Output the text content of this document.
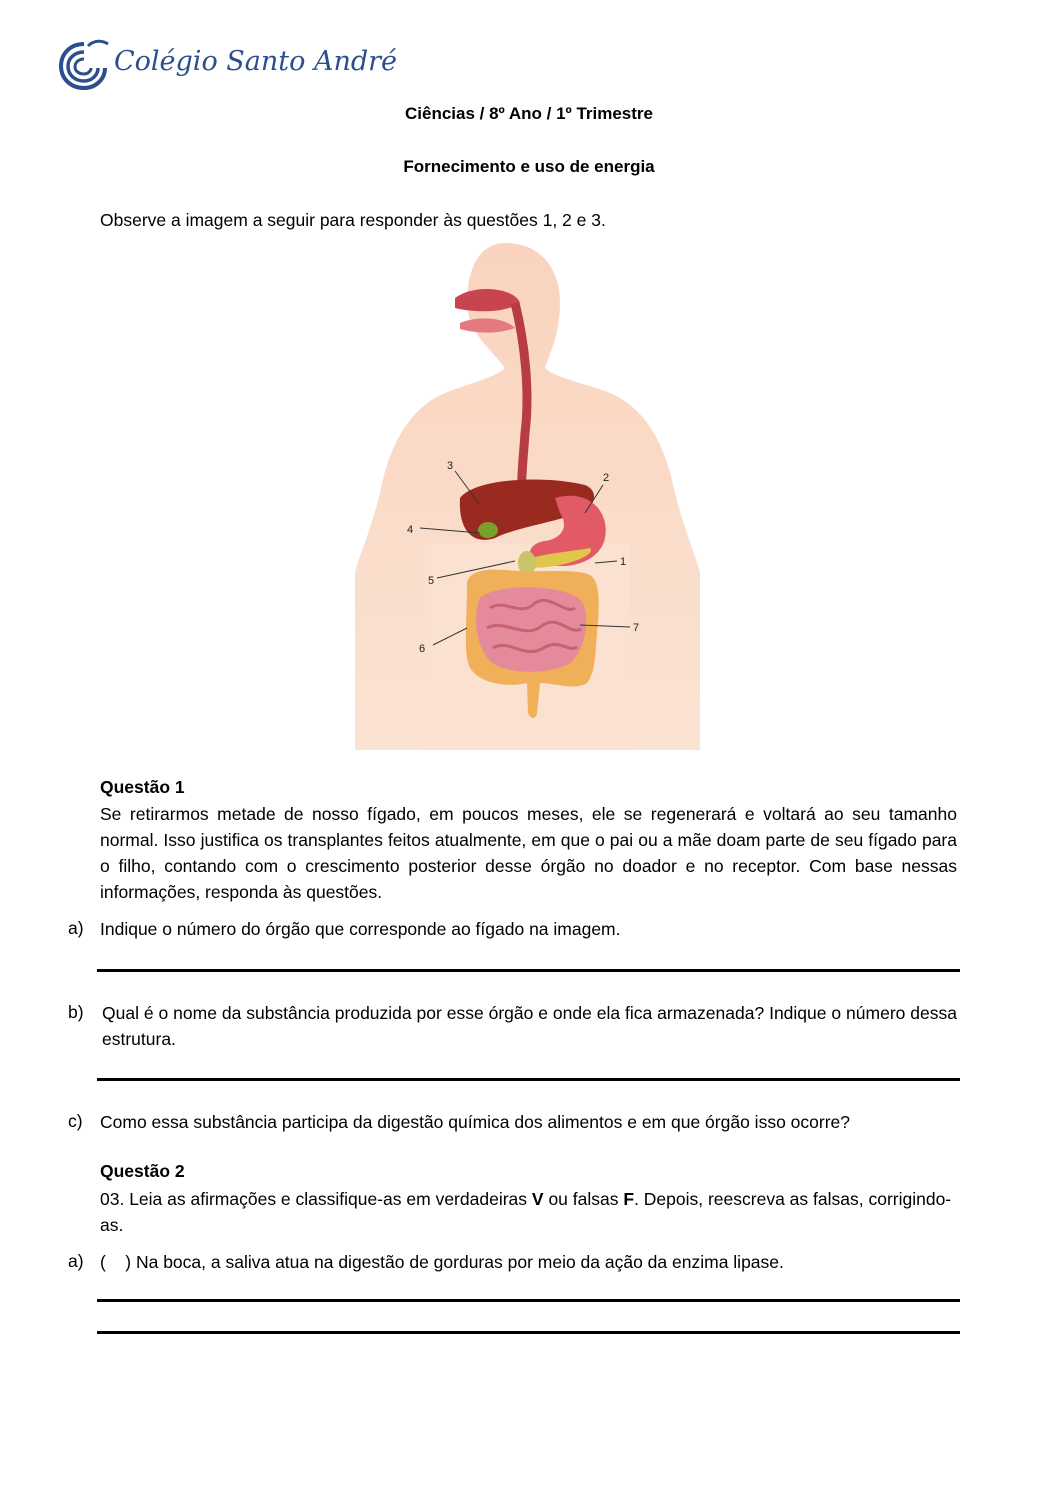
Colégio Santo André
Ciências / 8º Ano / 1º Trimestre
Fornecimento e uso de energia
Observe a imagem a seguir para responder às questões 1, 2 e 3.
1
2
3
4
5
6
7
Questão 1
Se retirarmos metade de nosso fígado, em poucos meses, ele se regenerará e voltará ao seu tamanho normal. Isso justifica os transplantes feitos atualmente, em que o pai ou a mãe doam parte de seu fígado para o filho, contando com o crescimento posterior desse órgão no doador e no receptor. Com base nessas informações, responda às questões.
a) Indique o número do órgão que corresponde ao fígado na imagem.
b) Qual é o nome da substância produzida por esse órgão e onde ela fica armazenada? Indique o número dessa estrutura.
c) Como essa substância participa da digestão química dos alimentos e em que órgão isso ocorre?
Questão 2
03. Leia as afirmações e classifique-as em verdadeiras V ou falsas F. Depois, reescreva as falsas, corrigindo-as.
a) (    ) Na boca, a saliva atua na digestão de gorduras por meio da ação da enzima lipase.
